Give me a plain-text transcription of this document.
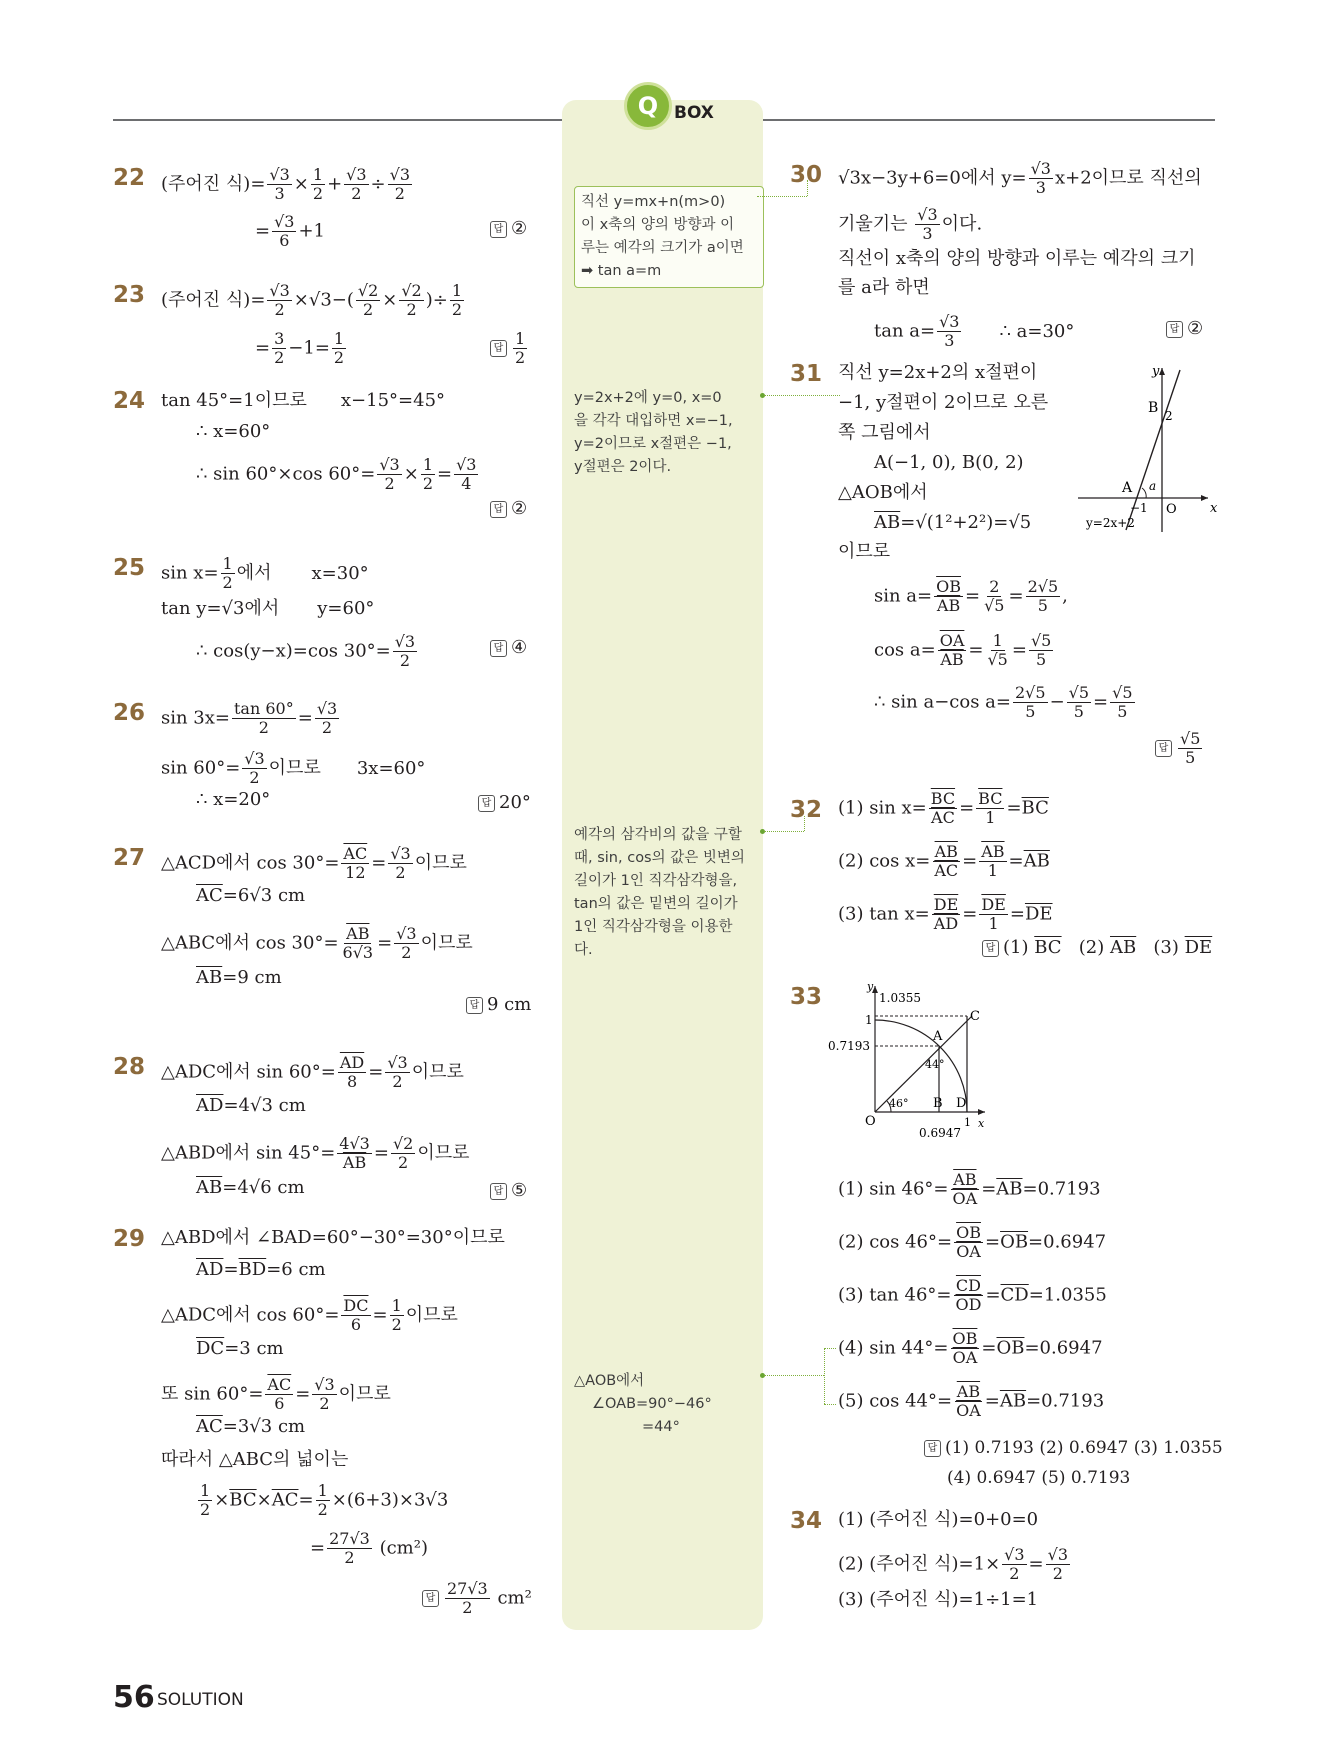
Q BOX
직선 y=mx+n(m>0)
이 x축의 양의 방향과 이
루는 예각의 크기가 a이면
➡ tan a=m
y=2x+2에 y=0, x=0
을 각각 대입하면 x=−1,
y=2이므로 x절편은 −1,
y절편은 2이다.
예각의 삼각비의 값을 구할
때, sin, cos의 값은 빗변의
길이가 1인 직각삼각형을,
tan의 값은 밑변의 길이가
1인 직각삼각형을 이용한
다.
△AOB에서
∠OAB=90°−46°
=44°
22 (주어진 식)= $\frac{√3}{3} \times \frac{1}{2} + \frac{√3}{2} \div \frac{√3}{2}$
= $\frac{√3}{6} +1$	답 ②
23 (주어진 식)= $\frac{√3}{2} \times√3-( \frac{√2}{2} \times \frac{√2}{2}$ )÷ $\frac{1}{2}$
= $\frac{3}{2} -1= \frac{1}{2}$	답 $\frac{1}{2}$
24 tan 45°=1이므로 x−15°=45°
∴ x=60°
∴ sin 60°×cos $60^\circ= \frac{√3}{2} \times \frac{1}{2} = \frac{√3}{4}$
답 ②
25 $\sin x= \frac{1}{2}$ 에서 x=30°
tan y=√3에서 y=60°
∴ cos(y−x)=cos $30^\circ= \frac{√3}{2}$	답 ④
26 $\sin 3x= \frac{\tan 60^\circ}{2} = \frac{√3}{2}$
$\sin 60^\circ= \frac{√3}{2}$ 이므로 3x=60°
∴ x=20°	답 20°
27 △ACD에서 $\cos 30^\circ= \frac{\overline{AC}}{12} = \frac{√3}{2}$ 이므로
$\overline{AC}=6√3$ cm
△ABC에서 $\cos 30^\circ= \frac{\overline{AB}}{6√3} = \frac{√3}{2}$ 이므로
$\overline{AB}=9$ cm
답 9 cm
28 △ADC에서 $\sin 60^\circ= \frac{\overline{AD}}{8} = \frac{√3}{2}$ 이므로
$\overline{AD}=4√3$ cm
△ABD에서 $\sin 45^\circ= \frac{4√3}{AB} = \frac{√2}{2}$ 이므로
$\overline{AB}=4√6$ cm	답 ⑤
29 △ABD에서 ∠BAD=60°−30°=30°이므로
$\overline{AD}=\overline{BD}=6$ cm
△ADC에서 $\cos 60^\circ= \frac{\overline{DC}}{6} = \frac{1}{2}$ 이므로
$\overline{DC}=3$ cm
또 $\sin 60^\circ= \frac{\overline{AC}}{6} = \frac{√3}{2}$ 이므로
$\overline{AC}=3√3$ cm
따라서 △ABC의 넓이는
$\frac{1}{2} \times\overline{BC}\times\overline{AC}= \frac{1}{2} \times(6+3)\times 3√3$
= $\frac{27√3}{2} (cm^2)$
답 $\frac{27√3}{2} cm^2$
30 √3x−3y+6=0에서 $y= \frac{√3}{3} x+2$이므로 직선의
기울기는 $\frac{√3}{3}$ 이다.
직선이 x축의 양의 방향과 이루는 예각의 크기
를 a라 하면
$\tan a= \frac{√3}{3}$ ∴ a=30°	답 ②
31 직선 y=2x+2의 x절편이
−1, y절편이 2이므로 오른
쪽 그림에서
A(−1, 0), B(0, 2)
△AOB에서
$\overline{AB}=√(1^2+2^2)=√5$
이므로
$\sin a= \frac{\overline{OB}}{AB} = \frac{2}{√5} = \frac{2√5}{5}$ ,
$\cos a= \frac{\overline{OA}}{AB} = \frac{1}{√5} = \frac{√5}{5}$
∴ sin a−cos $a= \frac{2√5}{5} - \frac{√5}{5} = \frac{√5}{5}$
답 $\frac{√5}{5}$
y
x
B 2
A a
O
−1
y=2x+2
32 (1) $\sin x= \frac{\overline{BC}}{AC} = \frac{\overline{BC}}{1} =\overline{BC}$
(2) $\cos x= \frac{\overline{AB}}{AC} = \frac{\overline{AB}}{1} =\overline{AB}$
(3) $\tan x= \frac{\overline{DE}}{AD} = \frac{\overline{DE}}{1} =\overline{DE}$
답 (1) $\overline{BC}$ (2) $\overline{AB}$ (3) $\overline{DE}$
33	y
x
1.0355
1
0.7193
A
C
B D
O
46°
44°
1
0.6947
(1) $\sin 46^\circ= \frac{\overline{AB}}{OA} =\overline{AB}=0.7193$
(2) $\cos 46^\circ= \frac{\overline{OB}}{OA} =\overline{OB}=0.6947$
(3) $\tan 46^\circ= \frac{\overline{CD}}{OD} =\overline{CD}=1.0355$
(4) $\sin 44^\circ= \frac{\overline{OB}}{OA} =\overline{OB}=0.6947$
(5) $\cos 44^\circ= \frac{\overline{AB}}{OA} =\overline{AB}=0.7193$
답 (1) 0.7193 (2) 0.6947 (3) 1.0355
(4) 0.6947 (5) 0.7193
34 (1) (주어진 식)=0+0=0
(2) (주어진 식)$=1\times \frac{√3}{2} = \frac{√3}{2}$
(3) (주어진 식)=1÷1=1
56 SOLUTION
